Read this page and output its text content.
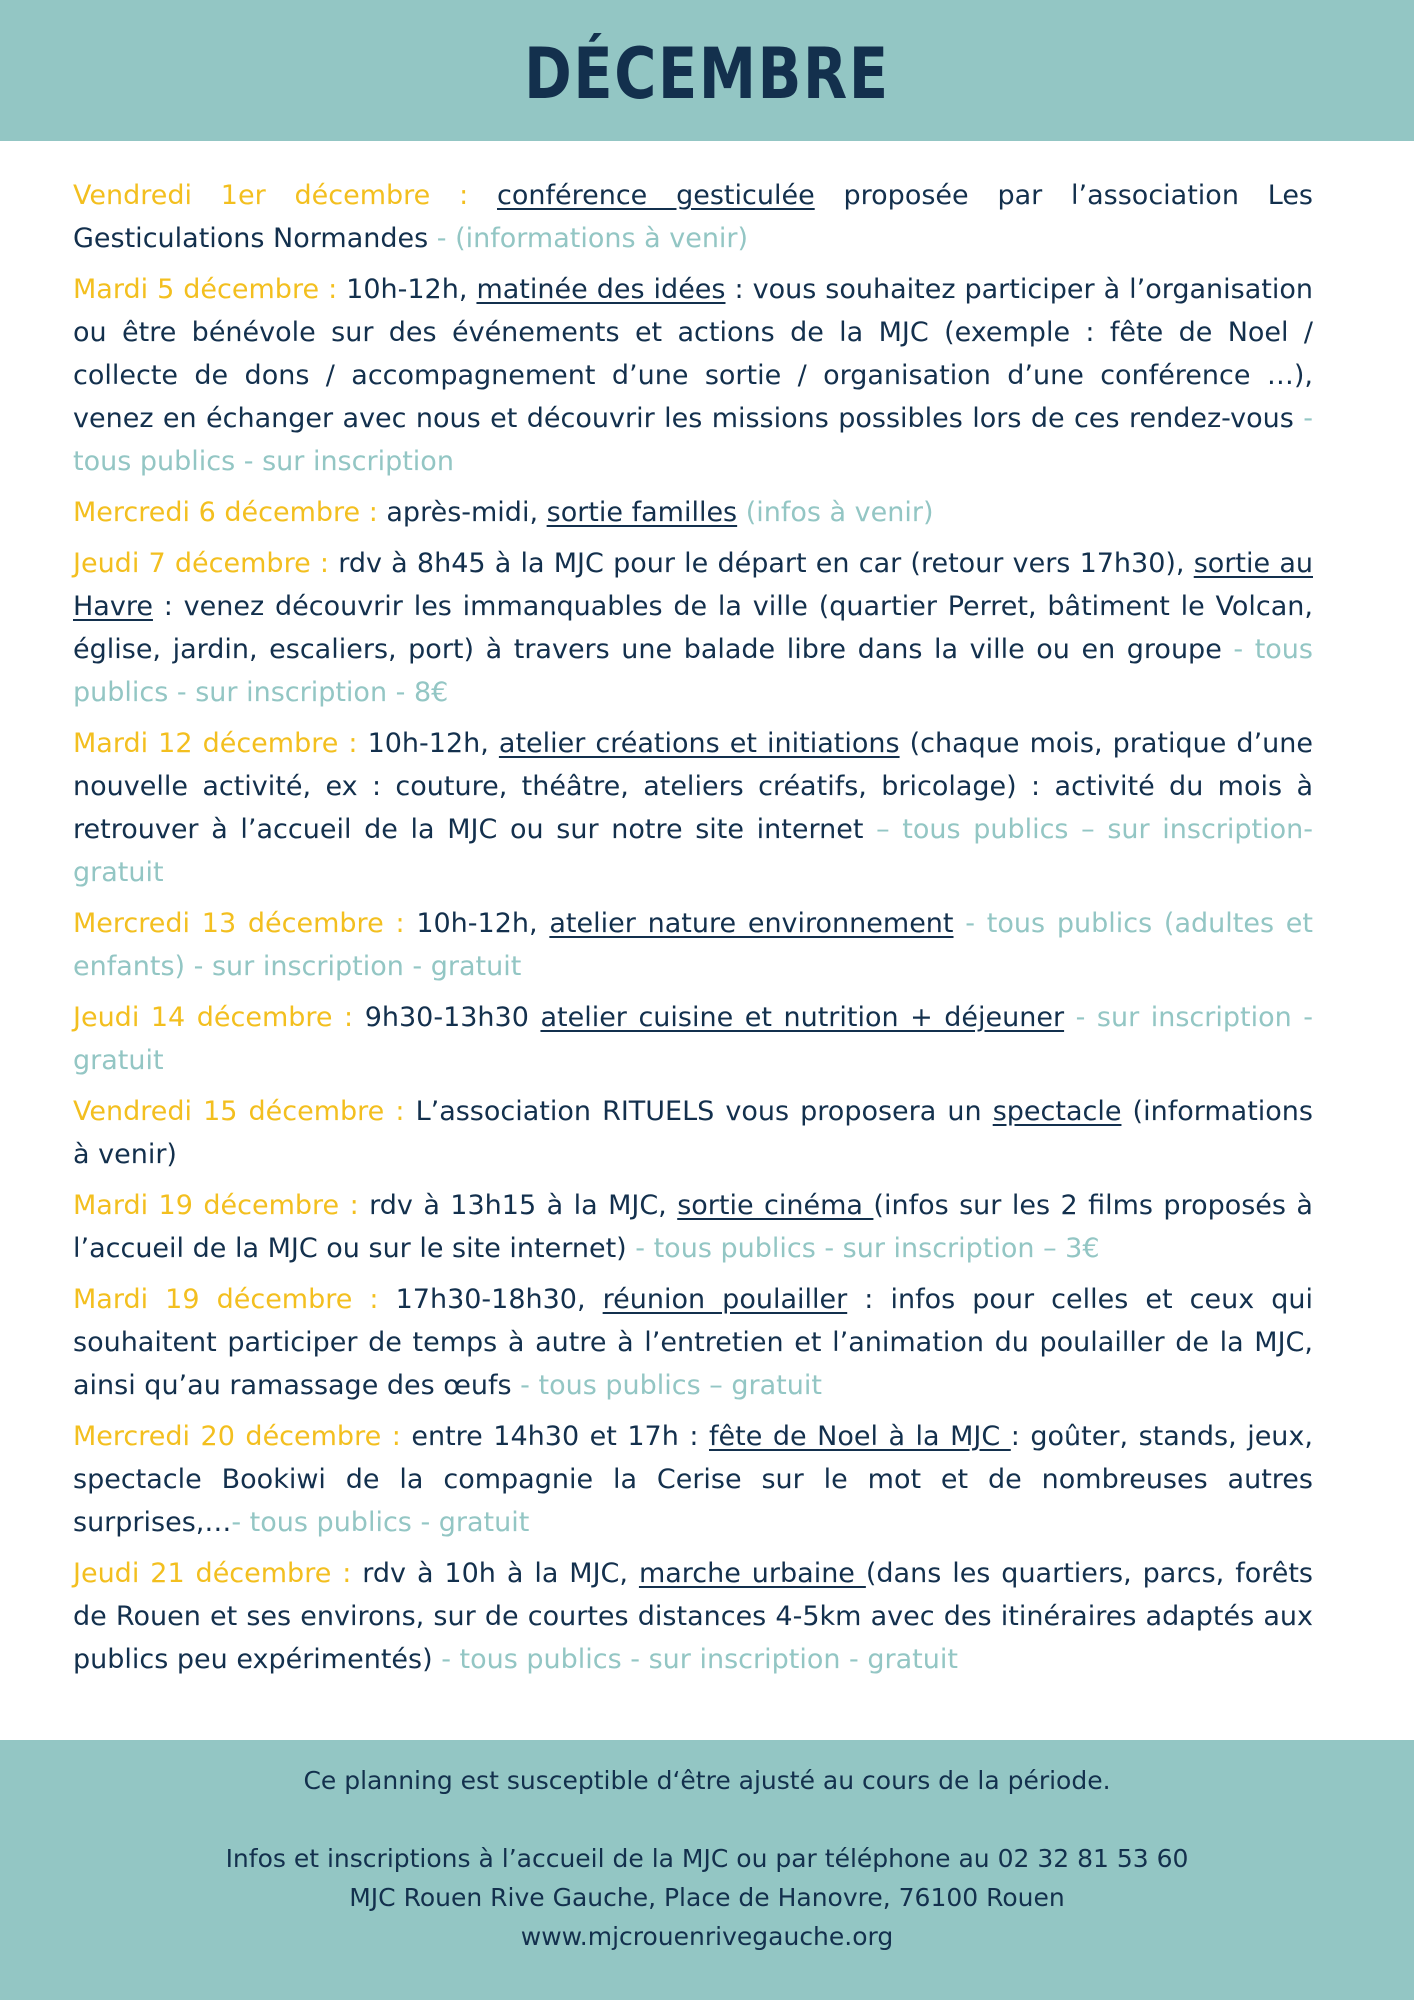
DÉCEMBRE

Vendredi 1er décembre : conférence gesticulée proposée par l’association Les Gesticulations Normandes - (informations à venir)

Mardi 5 décembre : 10h-12h, matinée des idées : vous souhaitez participer à l’organisation ou être bénévole sur des événements et actions de la MJC (exemple : fête de Noel / collecte de dons / accompagnement d’une sortie / organisation d’une conférence …), venez en échanger avec nous et découvrir les missions possibles lors de ces rendez-vous - tous publics - sur inscription

Mercredi 6 décembre : après-midi, sortie familles (infos à venir)

Jeudi 7 décembre : rdv à 8h45 à la MJC pour le départ en car (retour vers 17h30), sortie au Havre : venez découvrir les immanquables de la ville (quartier Perret, bâtiment le Volcan, église, jardin, escaliers, port) à travers une balade libre dans la ville ou en groupe - tous publics - sur inscription - 8€

Mardi 12 décembre : 10h-12h, atelier créations et initiations (chaque mois, pratique d’une nouvelle activité, ex : couture, théâtre, ateliers créatifs, bricolage) : activité du mois à retrouver à l’accueil de la MJC ou sur notre site internet – tous publics – sur inscription- gratuit

Mercredi 13 décembre : 10h-12h, atelier nature environnement - tous publics (adultes et enfants) - sur inscription - gratuit

Jeudi 14 décembre : 9h30-13h30 atelier cuisine et nutrition + déjeuner - sur inscription - gratuit

Vendredi 15 décembre : L’association RITUELS vous proposera un spectacle (informations à venir)

Mardi 19 décembre : rdv à 13h15 à la MJC, sortie cinéma (infos sur les 2 films proposés à l’accueil de la MJC ou sur le site internet) - tous publics - sur inscription – 3€

Mardi 19 décembre : 17h30-18h30, réunion poulailler : infos pour celles et ceux qui souhaitent participer de temps à autre à l’entretien et l’animation du poulailler de la MJC, ainsi qu’au ramassage des œufs - tous publics – gratuit

Mercredi 20 décembre : entre 14h30 et 17h : fête de Noel à la MJC : goûter, stands, jeux, spectacle Bookiwi de la compagnie la Cerise sur le mot et de nombreuses autres surprises,…- tous publics - gratuit

Jeudi 21 décembre : rdv à 10h à la MJC, marche urbaine (dans les quartiers, parcs, forêts de Rouen et ses environs, sur de courtes distances 4-5km avec des itinéraires adaptés aux publics peu expérimentés) - tous publics - sur inscription - gratuit

Ce planning est susceptible d‘être ajusté au cours de la période.

Infos et inscriptions à l’accueil de la MJC ou par téléphone au 02 32 81 53 60

MJC Rouen Rive Gauche, Place de Hanovre, 76100 Rouen

www.mjcrouenrivegauche.org
